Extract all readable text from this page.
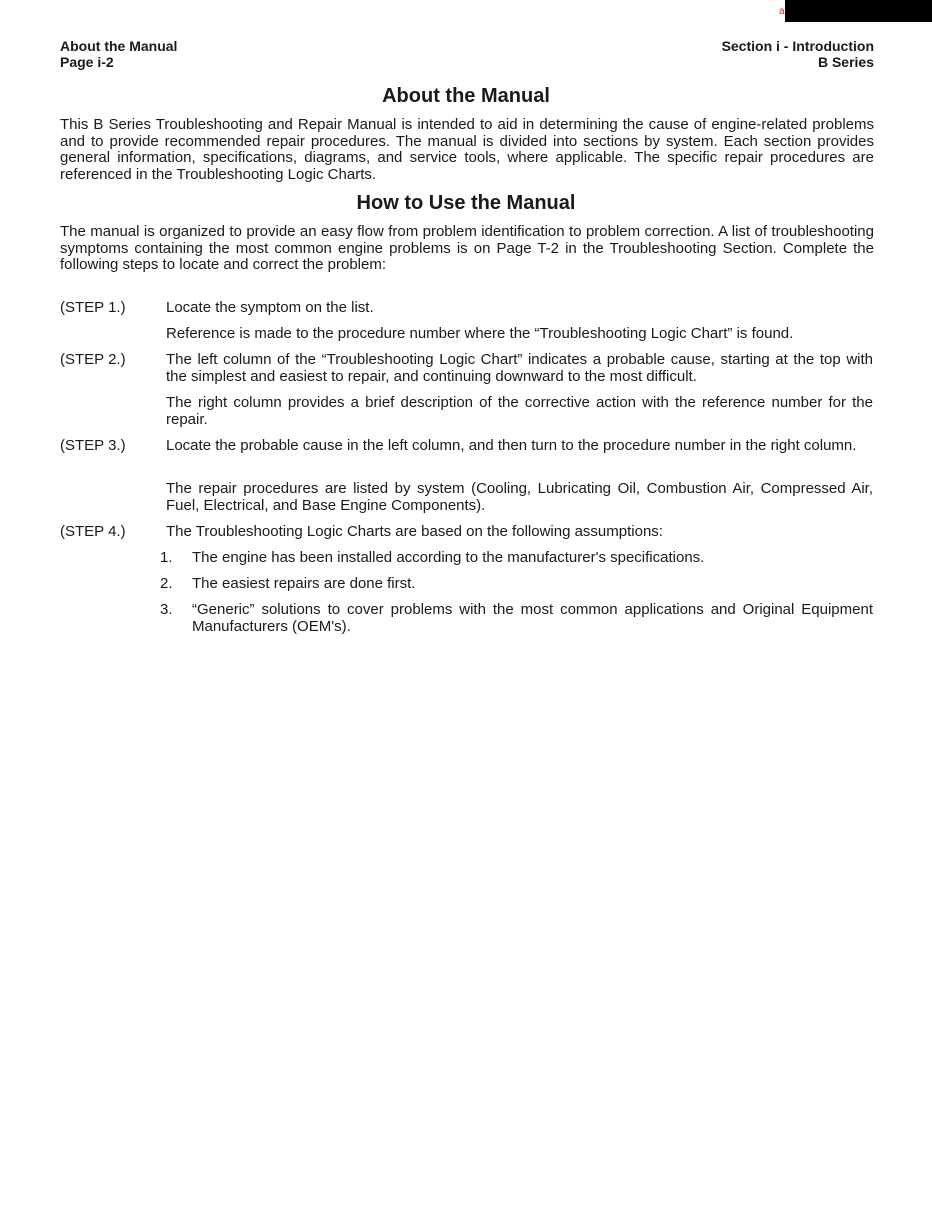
a
About the Manual
Page i-2
Section i - Introduction
B Series
About the Manual
This B Series Troubleshooting and Repair Manual is intended to aid in determining the cause of engine-related problems and to provide recommended repair procedures. The manual is divided into sections by system. Each section provides general information, specifications, diagrams, and service tools, where applicable. The specific repair procedures are referenced in the Troubleshooting Logic Charts.
How to Use the Manual
The manual is organized to provide an easy flow from problem identification to problem correction. A list of troubleshooting symptoms containing the most common engine problems is on Page T-2 in the Troubleshooting Section. Complete the following steps to locate and correct the problem:
(STEP 1.)	Locate the symptom on the list.
Reference is made to the procedure number where the “Troubleshooting Logic Chart” is found.
(STEP 2.)	The left column of the “Troubleshooting Logic Chart” indicates a probable cause, starting at the top with the simplest and easiest to repair, and continuing downward to the most difficult.
The right column provides a brief description of the corrective action with the reference number for the repair.
(STEP 3.)	Locate the probable cause in the left column, and then turn to the procedure number in the right column.
The repair procedures are listed by system (Cooling, Lubricating Oil, Combustion Air, Compressed Air, Fuel, Electrical, and Base Engine Components).
(STEP 4.)	The Troubleshooting Logic Charts are based on the following assumptions:
1. The engine has been installed according to the manufacturer's specifications.
2. The easiest repairs are done first.
3. “Generic” solutions to cover problems with the most common applications and Original Equipment Manufacturers (OEM's).
